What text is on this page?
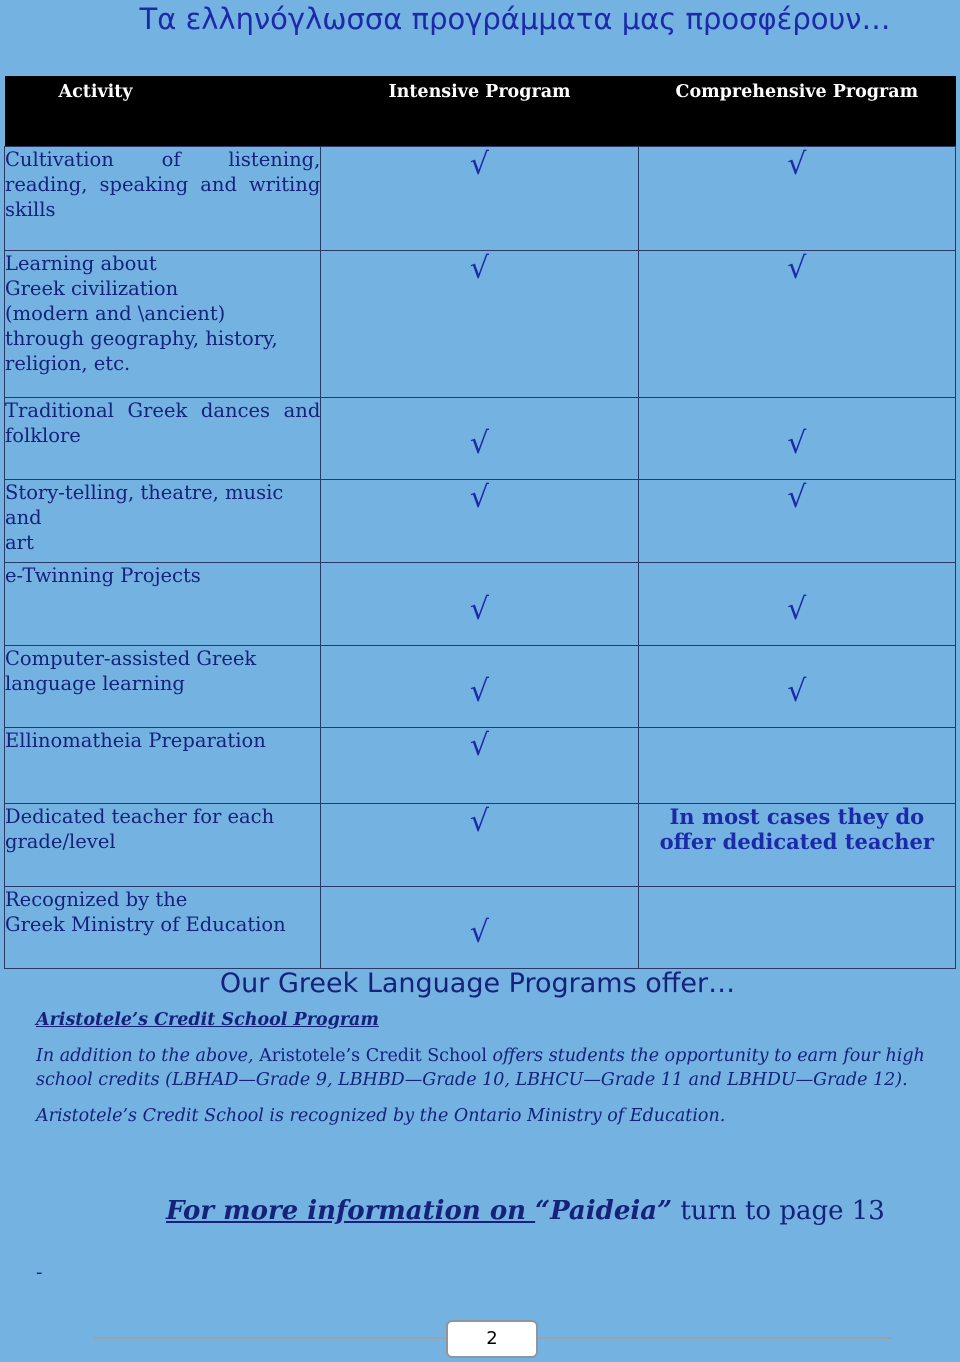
Τα ελληνόγλωσσα προγράμματα μας προσφέρουν…
Activity	Intensive Program	Comprehensive Program
Cultivation of listening, reading, speaking and writing skills	√	√
Learning about
Greek civilization
(modern and \ancient)
through geography, history,
religion, etc.	√	√
Traditional Greek dances and folklore	√	√
Story-telling, theatre, music
and
art	√	√
e-Twinning Projects	√	√
Computer-assisted Greek
language learning	√	√
Ellinomatheia Preparation	√	
Dedicated teacher for each
grade/level	√	In most cases they do offer dedicated teacher
Recognized by the
Greek Ministry of Education	√	
Our Greek Language Programs offer…
Aristotele’s Credit School Program
In addition to the above, Aristotele’s Credit School offers students the opportunity to earn four high school credits (LBHAD—Grade 9, LBHBD—Grade 10, LBHCU—Grade 11 and LBHDU—Grade 12).
Aristotele’s Credit School is recognized by the Ontario Ministry of Education.
For more information on “Paideia” turn to page 13
-
2
